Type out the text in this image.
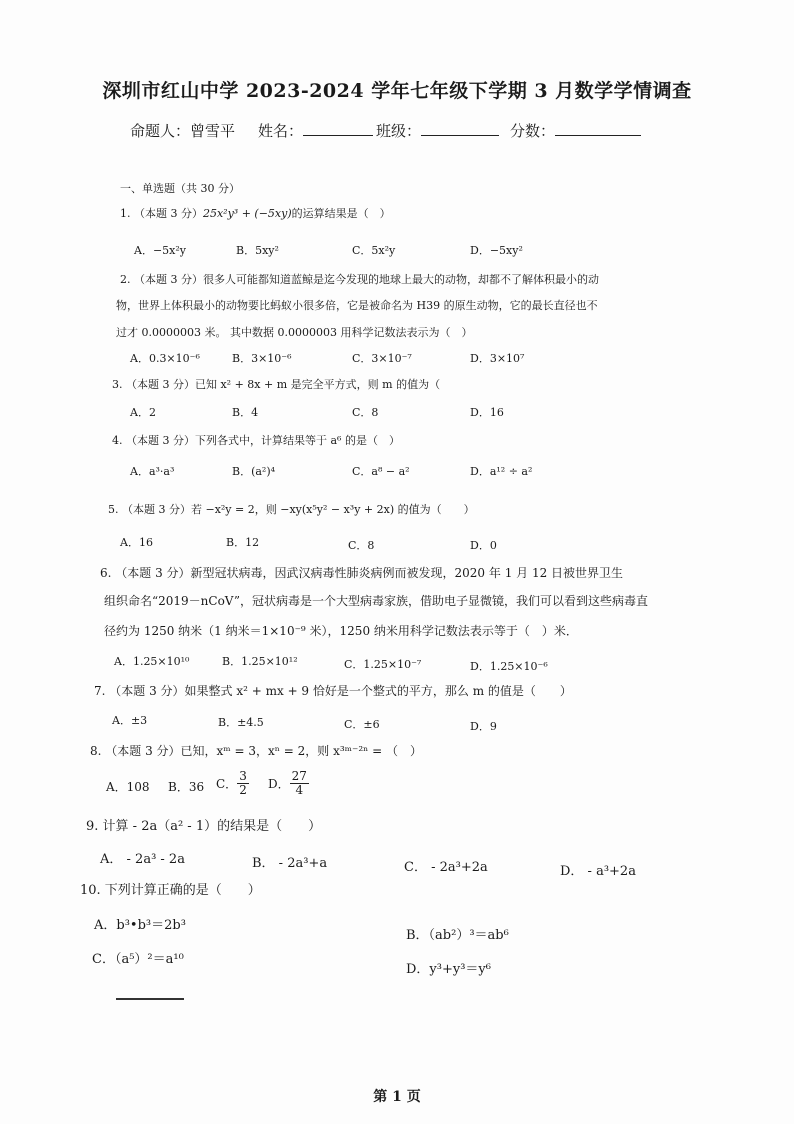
深圳市红山中学 2023-2024 学年七年级下学期 3 月数学学情调查
命题人：曾雪平 姓名：	班级：	分数：
一、单选题（共 30 分）
1. （本题 3 分）25x²y³ + (−5xy)的运算结果是（　）
A．−5x²y	B．5xy²	C．5x²y	D．−5xy²
2. （本题 3 分）很多人可能都知道蓝鲸是迄今发现的地球上最大的动物，却都不了解体积最小的动
物，世界上体积最小的动物要比蚂蚁小很多倍，它是被命名为 H39 的原生动物，它的最长直径也不
过才 0.0000003 米。 其中数据 0.0000003 用科学记数法表示为（　）
A．0.3×10⁻⁶	B．3×10⁻⁶	C．3×10⁻⁷	D．3×10⁷
3. （本题 3 分）已知 x² + 8x + m 是完全平方式，则 m 的值为（
A．2	B．4	C．8	D．16
4. （本题 3 分）下列各式中，计算结果等于 a⁶ 的是（　）
A．a³·a³	B．(a²)⁴	C．a⁸ − a²	D．a¹² ÷ a²
5. （本题 3 分）若 −x²y = 2，则 −xy(x⁵y² − x³y + 2x) 的值为（　　）
A．16	B．12	C．8	D．0
6. （本题 3 分）新型冠状病毒，因武汉病毒性肺炎病例而被发现，2020 年 1 月 12 日被世界卫生
组织命名“2019－nCoV”，冠状病毒是一个大型病毒家族，借助电子显微镜，我们可以看到这些病毒直
径约为 1250 纳米（1 纳米＝1×10⁻⁹ 米），1250 纳米用科学记数法表示等于（　）米．
A．1.25×10¹⁰	B．1.25×10¹²	C．1.25×10⁻⁷	D．1.25×10⁻⁶
7. （本题 3 分）如果整式 x² + mx + 9 恰好是一个整式的平方，那么 m 的值是（　　）
A．±3	B．±4.5	C．±6	D．9
8. （本题 3 分）已知，xᵐ = 3，xⁿ = 2，则 x³ᵐ⁻²ⁿ = （　）
A．108 B．36 C． $\frac{3}{2}$ D． $\frac{27}{4}$
9. 计算 - 2a（a² - 1）的结果是（　　）
A． - 2a³ - 2a	B． - 2a³+a	C． - 2a³+2a	D． - a³+2a
10. 下列计算正确的是（　　）
A．b³•b³＝2b³
C．（a⁵）²＝a¹⁰
B．（ab²）³＝ab⁶
D．y³+y³＝y⁶
第 1 页
